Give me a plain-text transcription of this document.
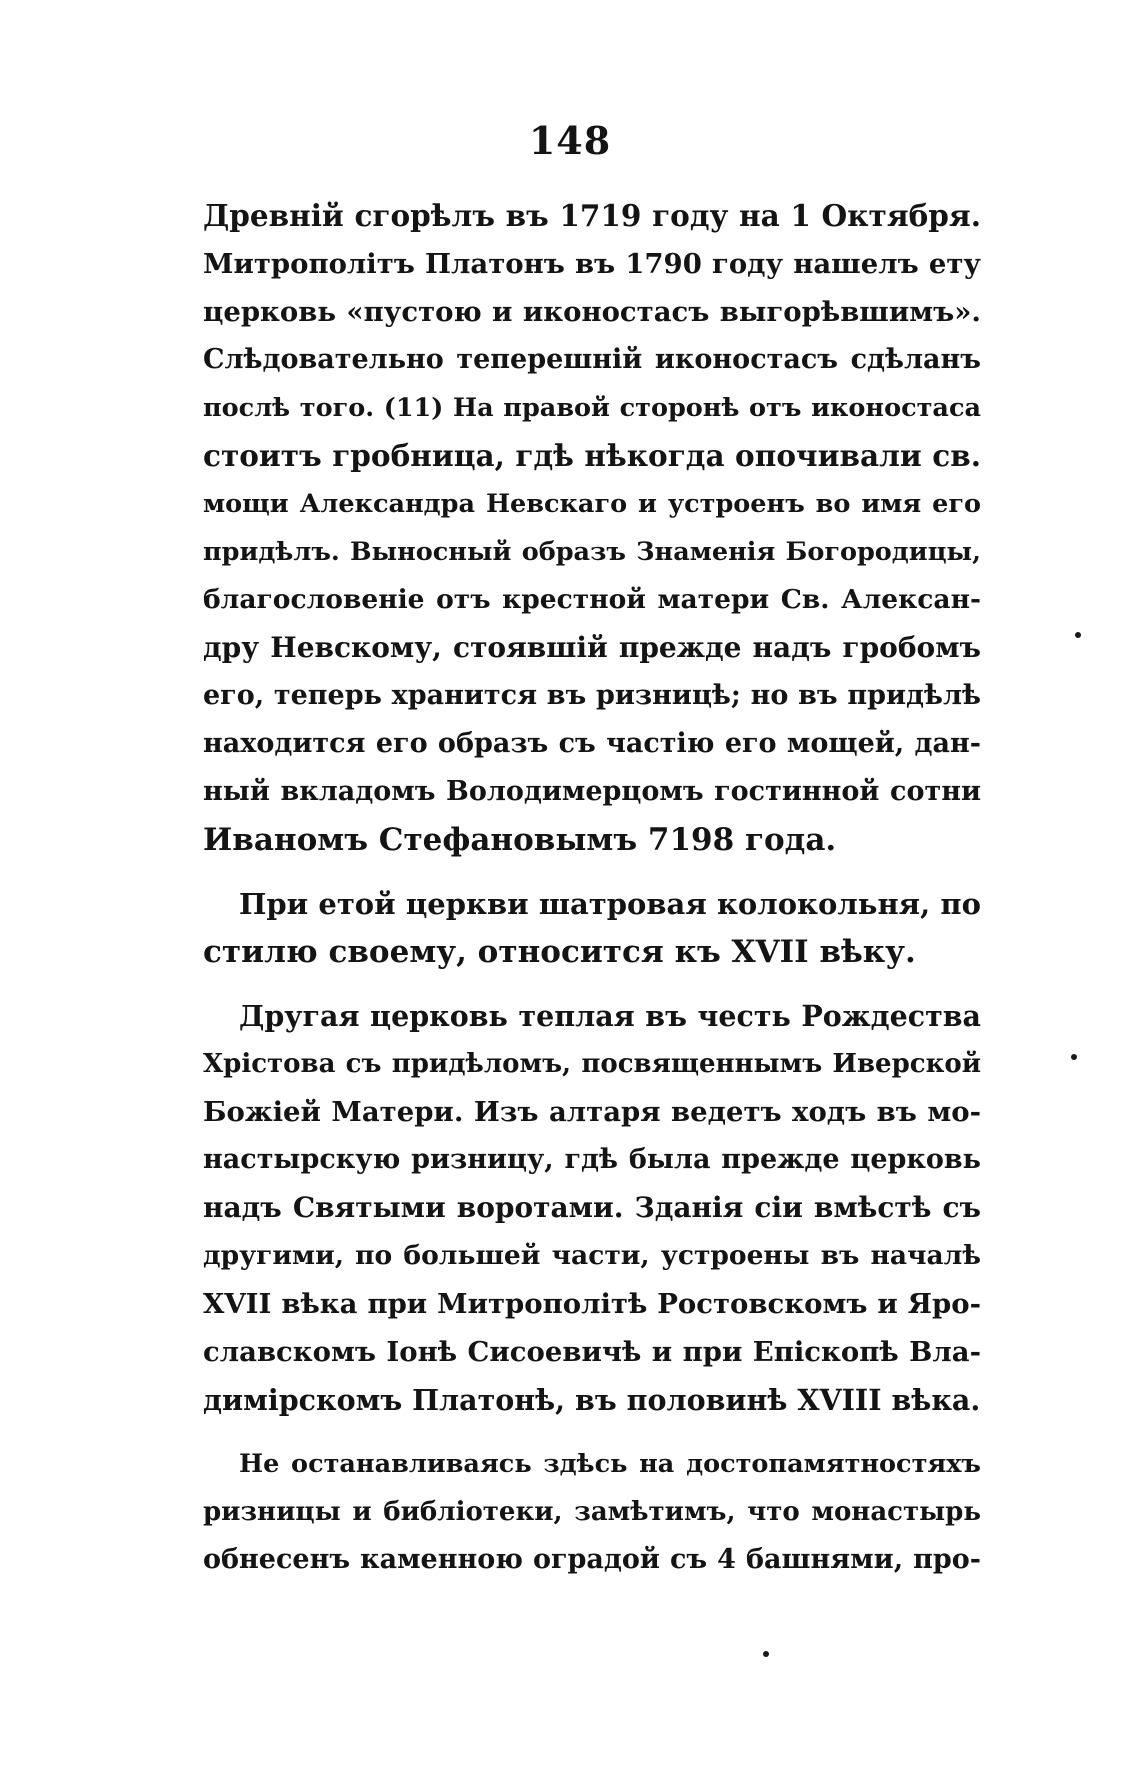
148
Древній сгорѣлъ въ 1719 году на 1 Октября.
Митрополітъ Платонъ въ 1790 году нашелъ ету
церковь «пустою и иконостасъ выгорѣвшимъ».
Слѣдовательно теперешній иконостасъ сдѣланъ
послѣ того. (11) На правой сторонѣ отъ иконостаса
стоитъ гробница, гдѣ нѣкогда опочивали св.
мощи Александра Невскаго и устроенъ во имя его
придѣлъ. Выносный образъ Знаменія Богородицы,
благословеніе отъ крестной матери Св. Алексан-
дру Невскому, стоявшій прежде надъ гробомъ
его, теперь хранится въ ризницѣ; но въ придѣлѣ
находится его образъ съ частію его мощей, дан-
ный вкладомъ Володимерцомъ гостинной сотни
Иваномъ Стефановымъ 7198 года.
При етой церкви шатровая колокольня, по
стилю своему, относится къ XVII вѣку.
Другая церковь теплая въ честь Рождества
Хрістова съ придѣломъ, посвященнымъ Иверской
Божіей Матери. Изъ алтаря ведетъ ходъ въ мо-
настырскую ризницу, гдѣ была прежде церковь
надъ Святыми воротами. Зданія сіи вмѣстѣ съ
другими, по большей части, устроены въ началѣ
XVII вѣка при Митрополітѣ Ростовскомъ и Яро-
славскомъ Іонѣ Сисоевичѣ и при Епіскопѣ Вла-
димірскомъ Платонѣ, въ половинѣ XVIII вѣка.
Не останавливаясь здѣсь на достопамятностяхъ
ризницы и библіотеки, замѣтимъ, что монастырь
обнесенъ каменною оградой съ 4 башнями, про-
